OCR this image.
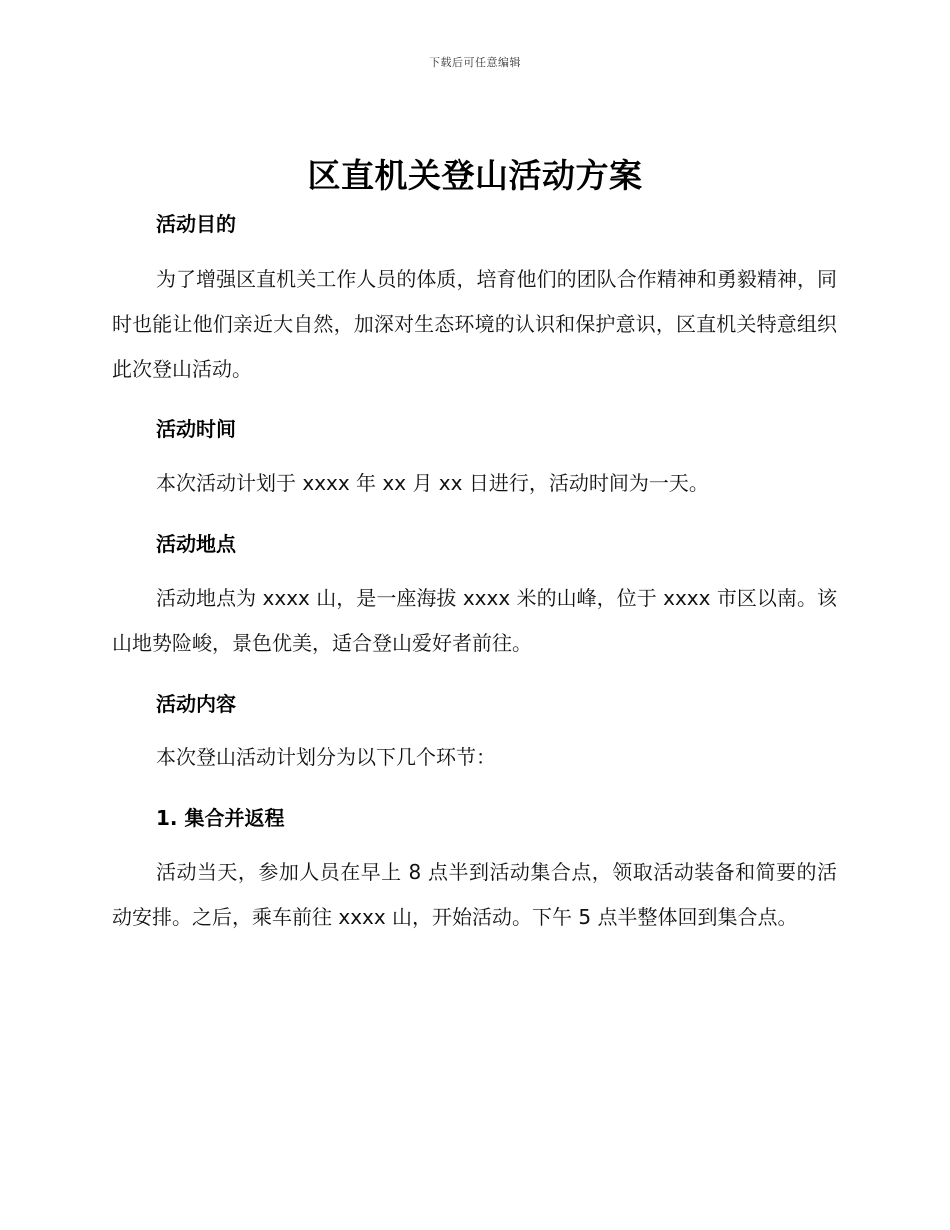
下载后可任意编辑
区直机关登山活动方案
活动目的
为了增强区直机关工作人员的体质，培育他们的团队合作精神和勇毅精神，同时也能让他们亲近大自然，加深对生态环境的认识和保护意识，区直机关特意组织此次登山活动。
活动时间
本次活动计划于 xxxx 年 xx 月 xx 日进行，活动时间为一天。
活动地点
活动地点为 xxxx 山，是一座海拔 xxxx 米的山峰，位于 xxxx 市区以南。该山地势险峻，景色优美，适合登山爱好者前往。
活动内容
本次登山活动计划分为以下几个环节：
1. 集合并返程
活动当天，参加人员在早上 8 点半到活动集合点，领取活动装备和简要的活动安排。之后，乘车前往 xxxx 山，开始活动。下午 5 点半整体回到集合点。
